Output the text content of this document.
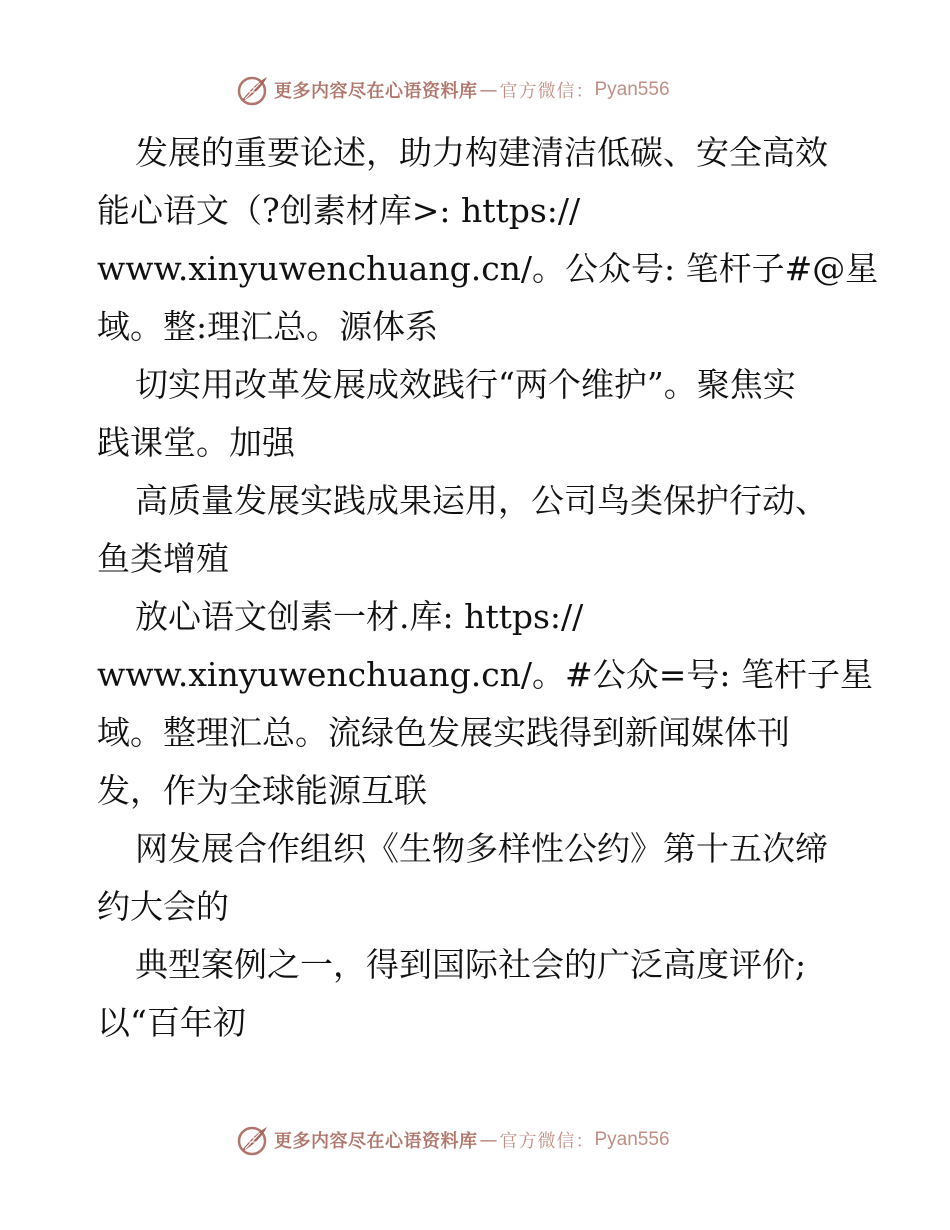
更多内容尽在心语资料库 — 官方微信： Pyan556
发展的重要论述，助力构建清洁低碳、安全高效
能心语文（?创素材库>: https://
www.xinyuwenchuang.cn/。公众号: 笔杆子#@星
域。整:理汇总。源体系
切实用改革发展成效践行“两个维护”。聚焦实
践课堂。加强
高质量发展实践成果运用，公司鸟类保护行动、
鱼类增殖
放心语文创素一材.库: https://
www.xinyuwenchuang.cn/。#公众=号: 笔杆子星
域。整理汇总。流绿色发展实践得到新闻媒体刊
发，作为全球能源互联
网发展合作组织《生物多样性公约》第十五次缔
约大会的
典型案例之一，得到国际社会的广泛高度评价;
以“百年初
更多内容尽在心语资料库 — 官方微信： Pyan556
